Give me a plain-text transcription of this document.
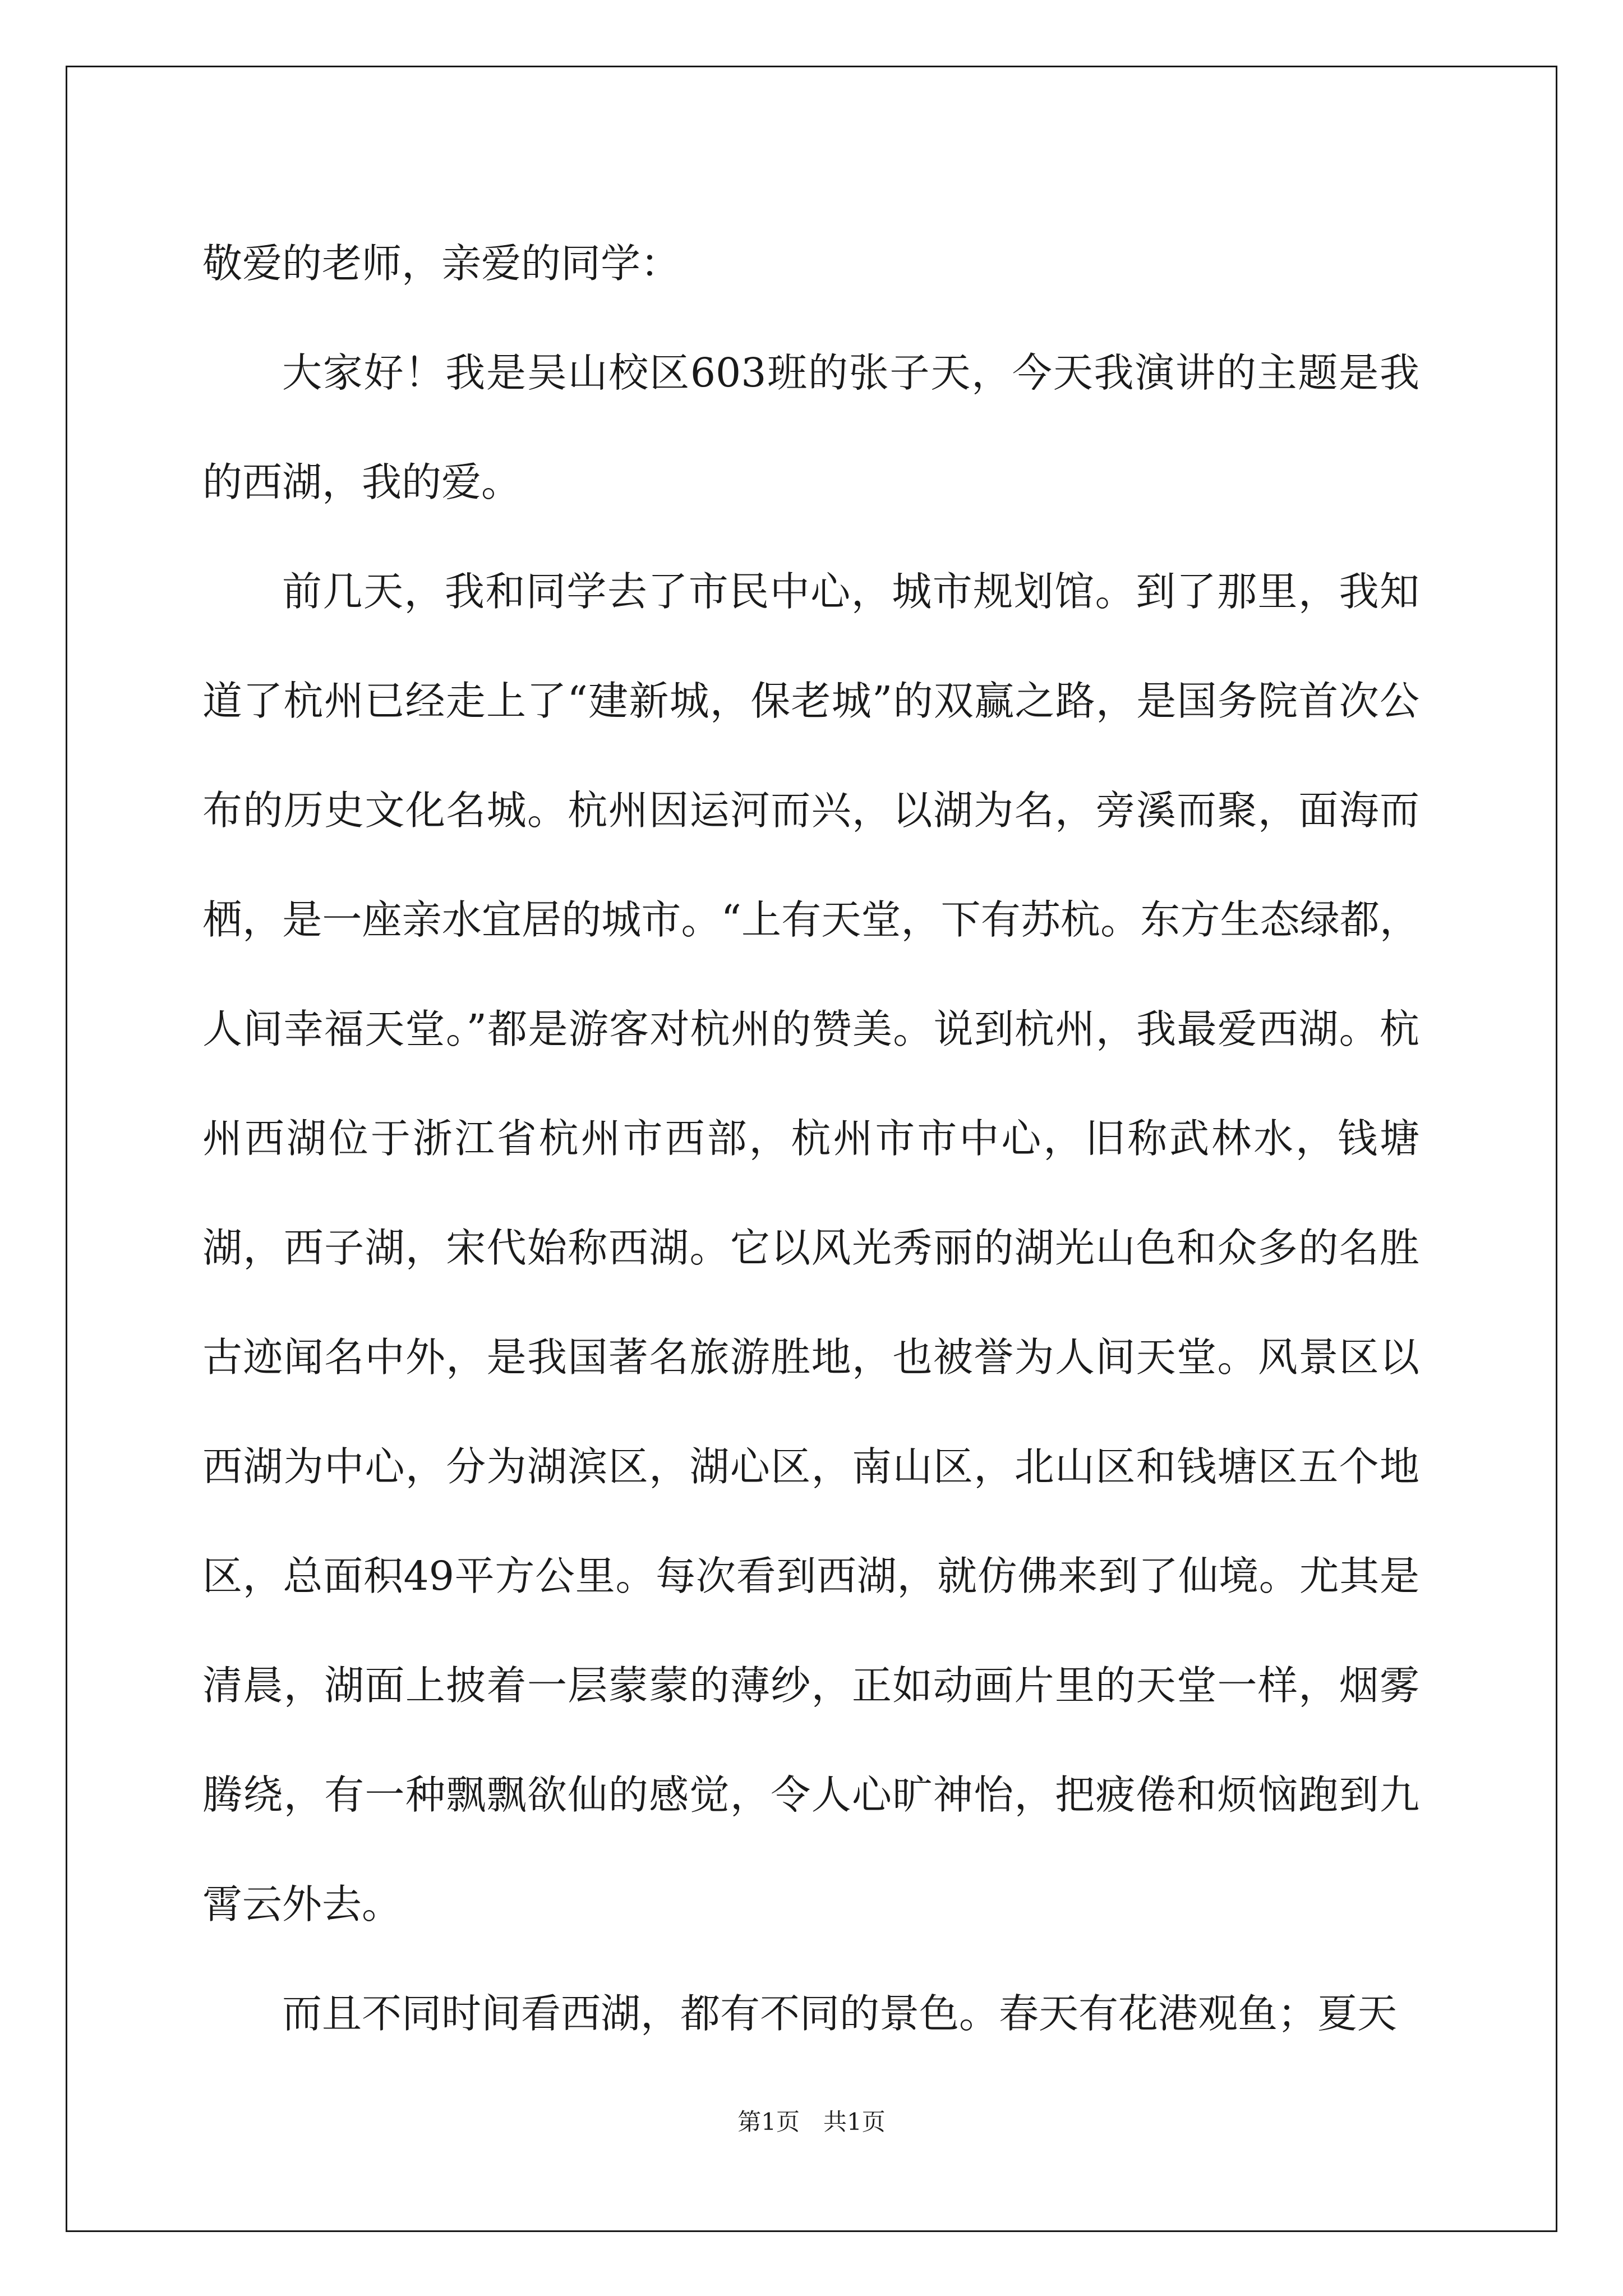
敬爱的老师，亲爱的同学：

大家好！我是吴山校区603班的张子天，今天我演讲的主题是我的西湖，我的爱。

前几天，我和同学去了市民中心，城市规划馆。到了那里，我知道了杭州已经走上了“建新城，保老城”的双赢之路，是国务院首次公布的历史文化名城。杭州因运河而兴，以湖为名，旁溪而聚，面海而栖，是一座亲水宜居的城市。“上有天堂，下有苏杭。东方生态绿都，人间幸福天堂。”都是游客对杭州的赞美。说到杭州，我最爱西湖。杭州西湖位于浙江省杭州市西部，杭州市市中心，旧称武林水，钱塘湖，西子湖，宋代始称西湖。它以风光秀丽的湖光山色和众多的名胜古迹闻名中外，是我国著名旅游胜地，也被誉为人间天堂。风景区以西湖为中心，分为湖滨区，湖心区，南山区，北山区和钱塘区五个地区，总面积49平方公里。每次看到西湖，就仿佛来到了仙境。尤其是清晨，湖面上披着一层蒙蒙的薄纱，正如动画片里的天堂一样，烟雾腾绕，有一种飘飘欲仙的感觉，令人心旷神怡，把疲倦和烦恼跑到九霄云外去。

而且不同时间看西湖，都有不同的景色。春天有花港观鱼；夏天

第1页　共1页
